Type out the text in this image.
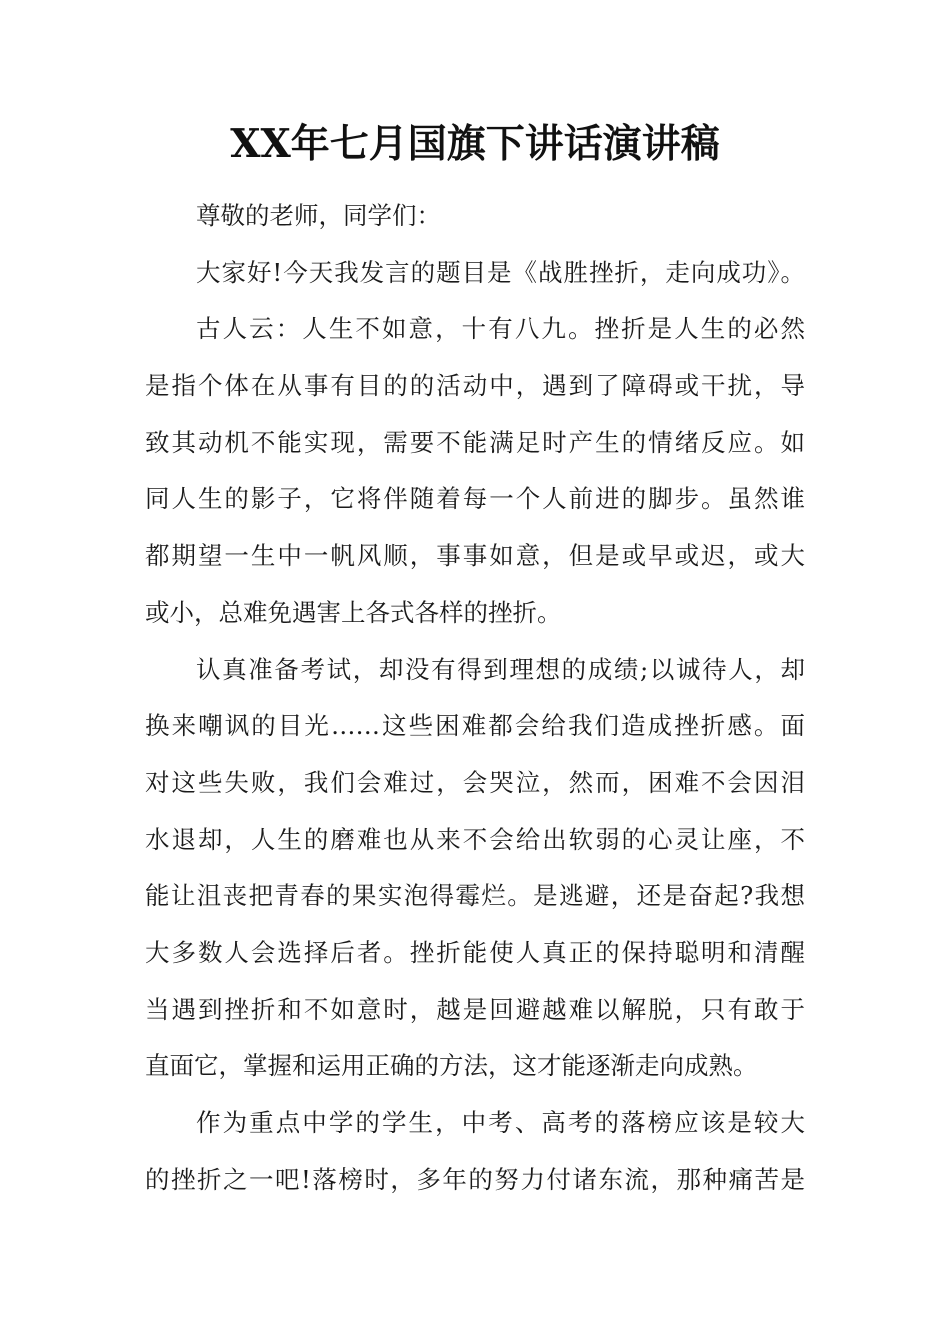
XX年七月国旗下讲话演讲稿
尊敬的老师，同学们：
大家好!今天我发言的题目是《战胜挫折，走向成功》。
古人云：人生不如意，十有八九。挫折是人生的必然
是指个体在从事有目的的活动中，遇到了障碍或干扰，导
致其动机不能实现，需要不能满足时产生的情绪反应。如
同人生的影子，它将伴随着每一个人前进的脚步。虽然谁
都期望一生中一帆风顺，事事如意，但是或早或迟，或大
或小，总难免遇害上各式各样的挫折。
认真准备考试，却没有得到理想的成绩;以诚待人，却
换来嘲讽的目光……这些困难都会给我们造成挫折感。面
对这些失败，我们会难过，会哭泣，然而，困难不会因泪
水退却，人生的磨难也从来不会给出软弱的心灵让座，不
能让沮丧把青春的果实泡得霉烂。是逃避，还是奋起?我想
大多数人会选择后者。挫折能使人真正的保持聪明和清醒
当遇到挫折和不如意时，越是回避越难以解脱，只有敢于
直面它，掌握和运用正确的方法，这才能逐渐走向成熟。
作为重点中学的学生，中考、高考的落榜应该是较大
的挫折之一吧!落榜时，多年的努力付诸东流，那种痛苦是
